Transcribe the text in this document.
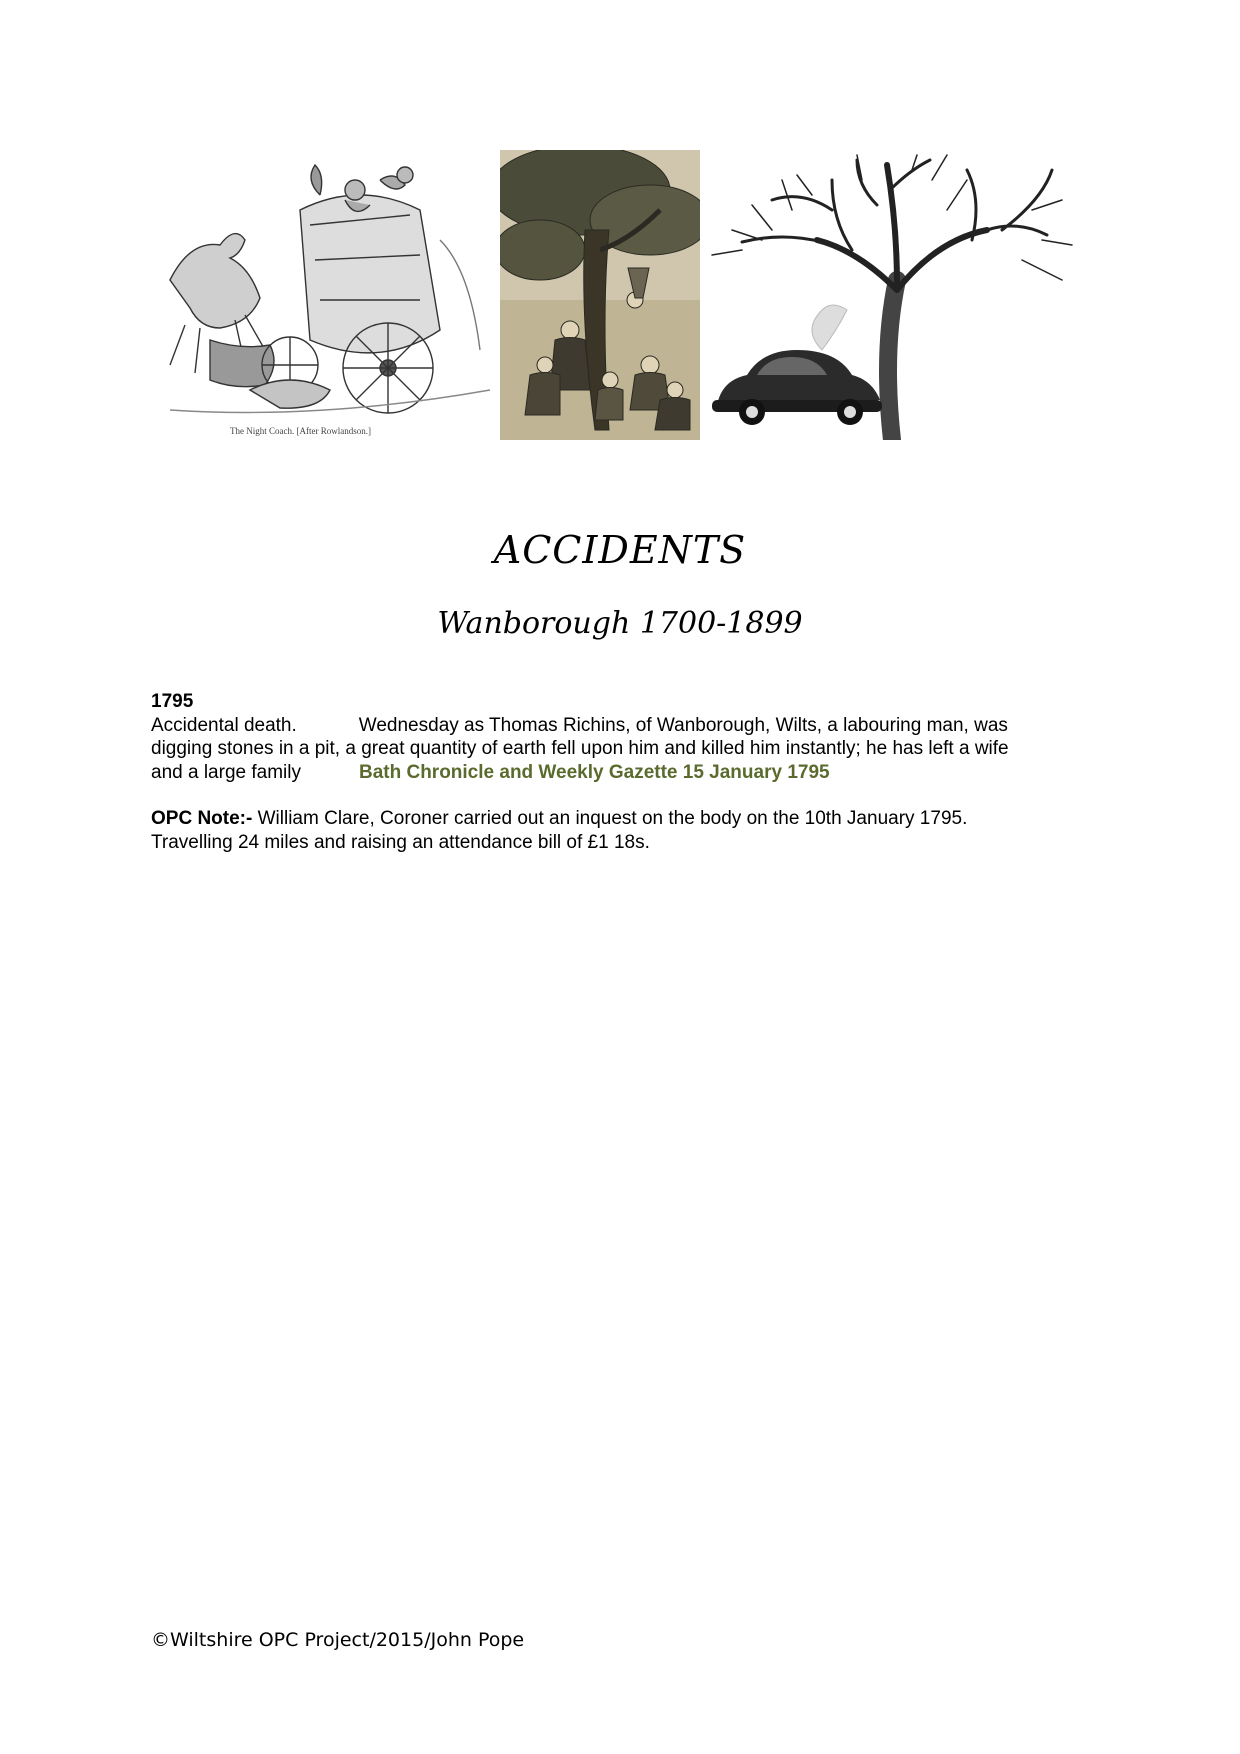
The Night Coach. [After Rowlandson.]
ACCIDENTS
Wanborough 1700-1899
1795
Accidental death.	Wednesday as Thomas Richins, of Wanborough, Wilts, a labouring man, was
digging stones in a pit, a great quantity of earth fell upon him and killed him instantly; he has left a wife
and a large family	Bath Chronicle and Weekly Gazette 15 January 1795
OPC Note:- William Clare, Coroner carried out an inquest on the body on the 10th January 1795.
Travelling 24 miles and raising an attendance bill of £1 18s.
©Wiltshire OPC Project/2015/John Pope
